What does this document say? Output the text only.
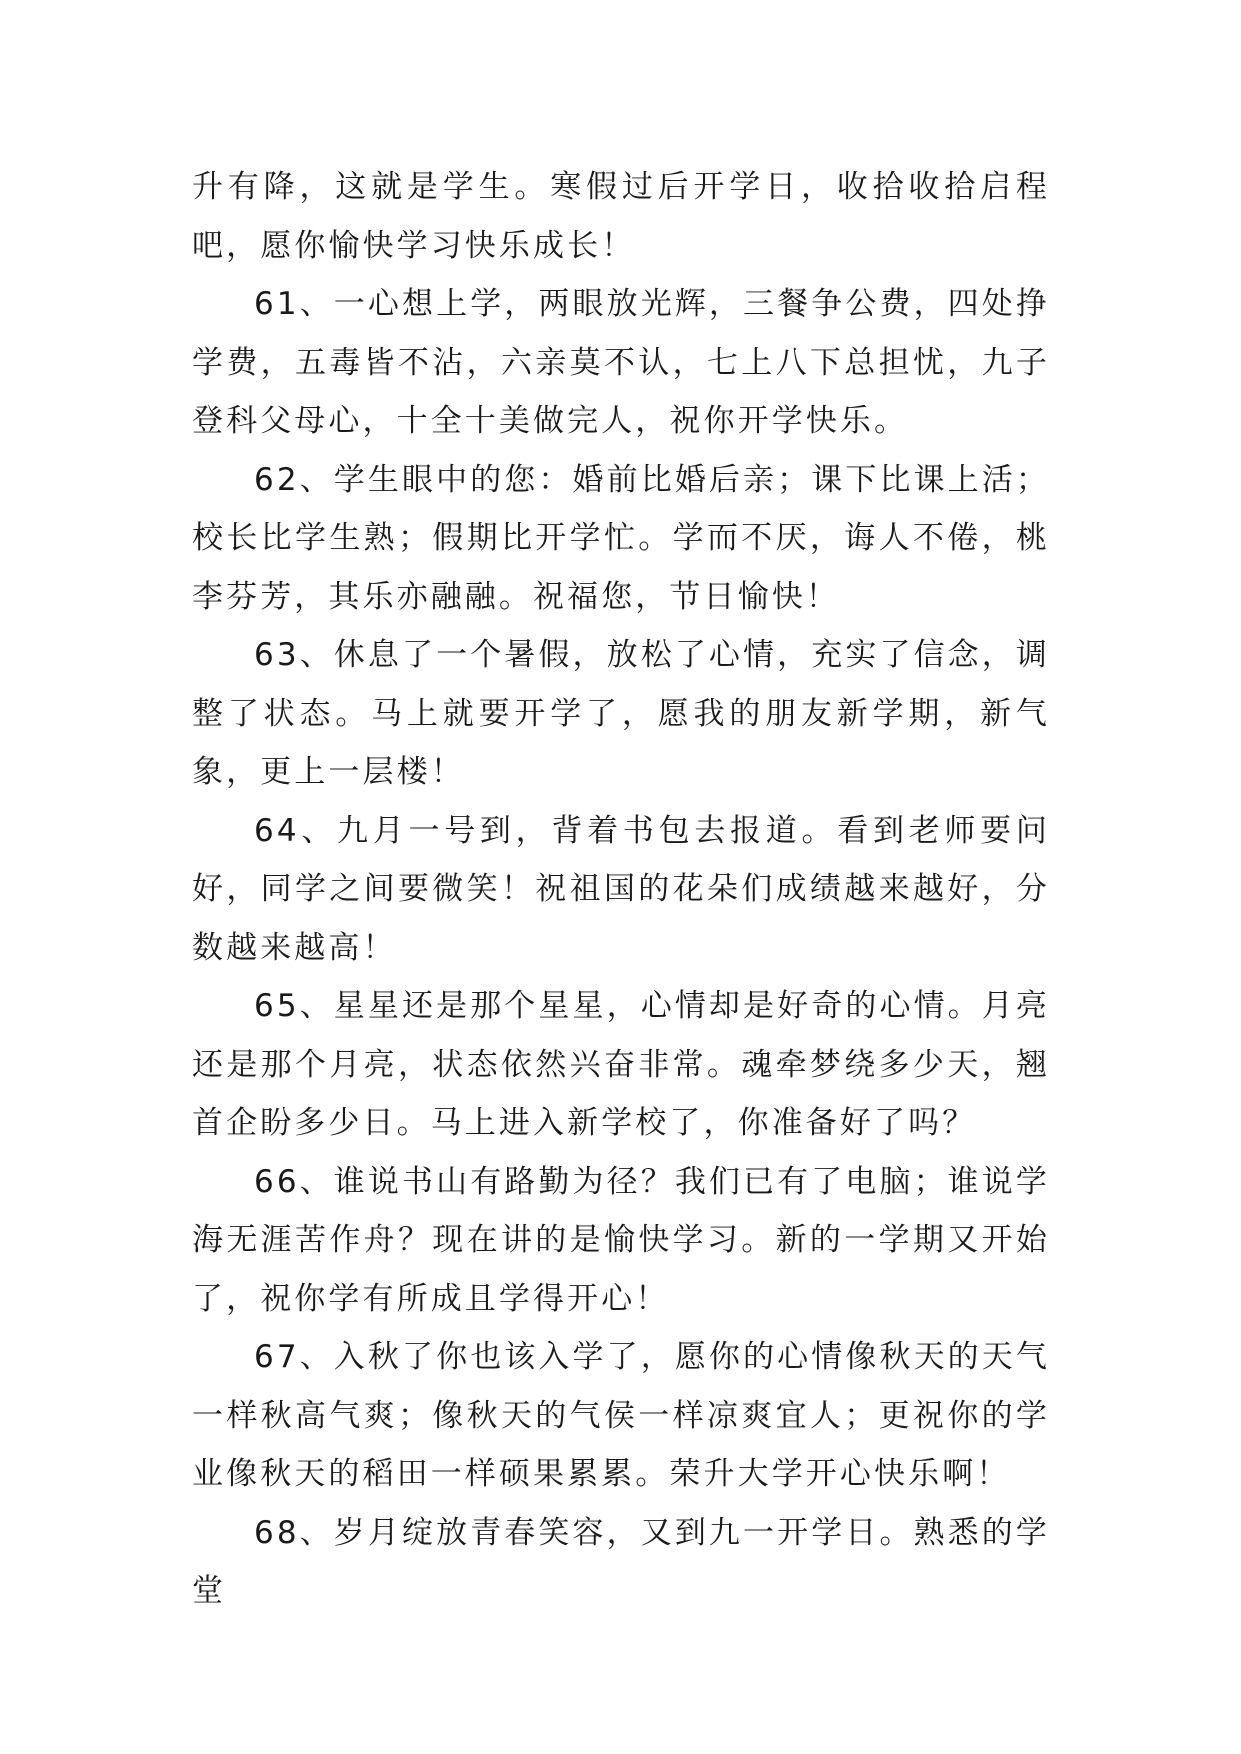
升有降，这就是学生。寒假过后开学日，收拾收拾启程吧，愿你愉快学习快乐成长！

61、一心想上学，两眼放光辉，三餐争公费，四处挣学费，五毒皆不沾，六亲莫不认，七上八下总担忧，九子登科父母心，十全十美做完人，祝你开学快乐。

62、学生眼中的您：婚前比婚后亲；课下比课上活；校长比学生熟；假期比开学忙。学而不厌，诲人不倦，桃李芬芳，其乐亦融融。祝福您，节日愉快！

63、休息了一个暑假，放松了心情，充实了信念，调整了状态。马上就要开学了，愿我的朋友新学期，新气象，更上一层楼！

64、九月一号到，背着书包去报道。看到老师要问好，同学之间要微笑！祝祖国的花朵们成绩越来越好，分数越来越高！

65、星星还是那个星星，心情却是好奇的心情。月亮还是那个月亮，状态依然兴奋非常。魂牵梦绕多少天，翘首企盼多少日。马上进入新学校了，你准备好了吗？

66、谁说书山有路勤为径？我们已有了电脑；谁说学海无涯苦作舟？现在讲的是愉快学习。新的一学期又开始了，祝你学有所成且学得开心！

67、入秋了你也该入学了，愿你的心情像秋天的天气一样秋高气爽；像秋天的气侯一样凉爽宜人；更祝你的学业像秋天的稻田一样硕果累累。荣升大学开心快乐啊！

68、岁月绽放青春笑容，又到九一开学日。熟悉的学堂
